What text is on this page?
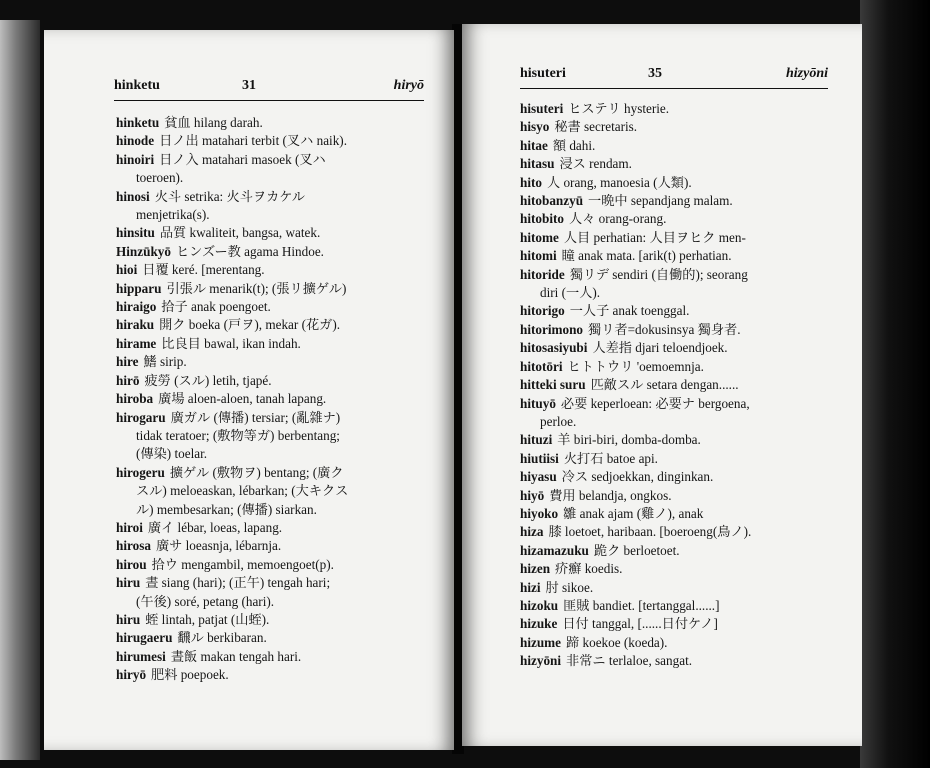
hinketu	31	hiryō
hinketu 貧血 hilang darah.
hinode 日ノ出 matahari terbit (叉ハ naik).
hinoiri 日ノ入 matahari masoek (叉ハ
toeroen).
hinosi 火斗 setrika: 火斗ヲカケル
menjetrika(s).
hinsitu 品質 kwaliteit, bangsa, watek.
Hinzūkyō ヒンズー教 agama Hindoe.
hioi 日覆 keré. [merentang.
hipparu 引張ル menarik(t); (張リ擴ゲル)
hiraigo 拾子 anak poengoet.
hiraku 開ク boeka (戸ヲ), mekar (花ガ).
hirame 比良目 bawal, ikan indah.
hire 鰭 sirip.
hirō 疲勞 (スル) letih, tjapé.
hiroba 廣場 aloen-aloen, tanah lapang.
hirogaru 廣ガル (傳播) tersiar; (亂雜ナ)
tidak teratoer; (敷物等ガ) berbentang;
(傳染) toelar.
hirogeru 擴ゲル (敷物ヲ) bentang; (廣ク
スル) meloeaskan, lébarkan; (大キクス
ル) membesarkan; (傳播) siarkan.
hiroi 廣イ lébar, loeas, lapang.
hirosa 廣サ loeasnja, lébarnja.
hirou 拾ウ mengambil, memoengoet(p).
hiru 晝 siang (hari); (正午) tengah hari;
(午後) soré, petang (hari).
hiru 蛭 lintah, patjat (山蛭).
hirugaeru 飜ル berkibaran.
hirumesi 晝飯 makan tengah hari.
hiryō 肥料 poepoek.
hisuteri	35	hizyōni
hisuteri ヒステリ hysterie.
hisyo 秘書 secretaris.
hitae 額 dahi.
hitasu 浸ス rendam.
hito 人 orang, manoesia (人類).
hitobanzyū 一晩中 sepandjang malam.
hitobito 人々 orang-orang.
hitome 人目 perhatian: 人目ヲヒク men-
hitomi 瞳 anak mata. [arik(t) perhatian.
hitoride 獨リデ sendiri (自働的); seorang
diri (一人).
hitorigo 一人子 anak toenggal.
hitorimono 獨リ者=dokusinsya 獨身者.
hitosasiyubi 人差指 djari teloendjoek.
hitotōri ヒトトウリ 'oemoemnja.
hitteki suru 匹敵スル setara dengan......
hituyō 必要 keperloean: 必要ナ bergoena,
perloe.
hituzi 羊 biri-biri, domba-domba.
hiutiisi 火打石 batoe api.
hiyasu 冷ス sedjoekkan, dinginkan.
hiyō 費用 belandja, ongkos.
hiyoko 雛 anak ajam (雞ノ), anak
hiza 膝 loetoet, haribaan. [boeroeng(鳥ノ).
hizamazuku 跪ク berloetoet.
hizen 疥癬 koedis.
hizi 肘 sikoe.
hizoku 匪賊 bandiet. [tertanggal......]
hizuke 日付 tanggal, [......日付ケノ]
hizume 蹄 koekoe (koeda).
hizyōni 非常ニ terlaloe, sangat.
